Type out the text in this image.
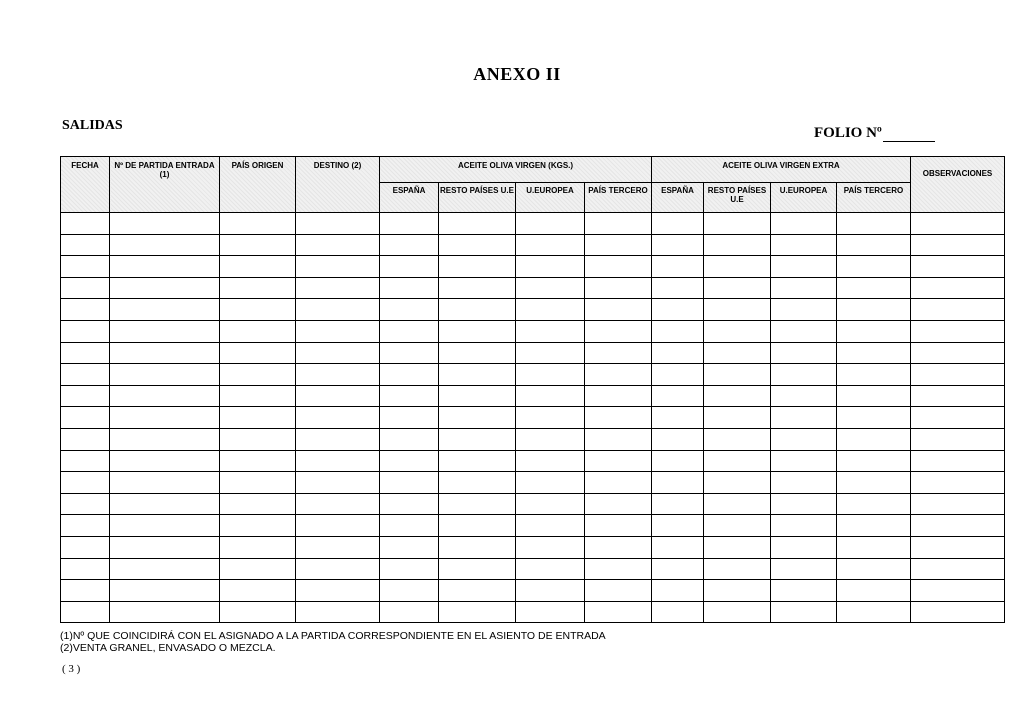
ANEXO II
SALIDAS	FOLIO Nº
FECHA	Nº DE PARTIDA ENTRADA (1)	PAÍS ORIGEN	DESTINO (2)	ACEITE OLIVA VIRGEN (KGS.)				ACEITE OLIVA VIRGEN EXTRA				OBSERVACIONES
				ESPAÑA	RESTO PAÍSES U.E	U.EUROPEA	PAÍS TERCERO	ESPAÑA	RESTO PAÍSES U.E	U.EUROPEA	PAÍS TERCERO	

(1)Nº QUE COINCIDIRÁ CON EL ASIGNADO A LA PARTIDA CORRESPONDIENTE EN EL ASIENTO DE ENTRADA
(2)VENTA GRANEL, ENVASADO O MEZCLA.
( 3 )
